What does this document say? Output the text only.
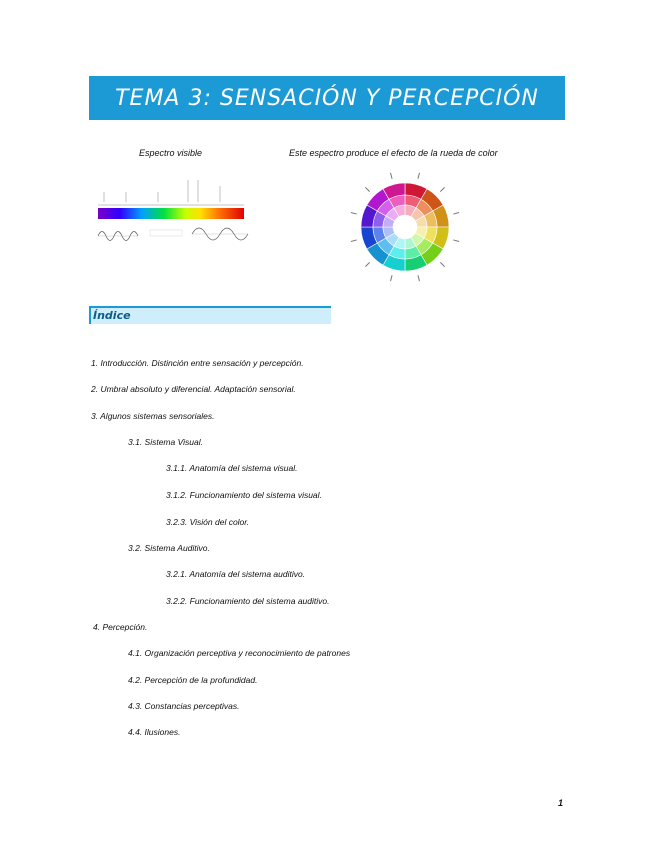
TEMA 3: SENSACIÓN Y PERCEPCIÓN
Espectro visible	Este espectro produce el efecto de la rueda de color
Índice
1. Introducción. Distinción entre sensación y percepción.
2. Umbral absoluto y diferencial. Adaptación sensorial.
3. Algunos sistemas sensoriales.
3.1. Sistema Visual.
3.1.1. Anatomía del sistema visual.
3.1.2. Funcionamiento del sistema visual.
3.2.3. Visión del color.
3.2. Sistema Auditivo.
3.2.1. Anatomía del sistema auditivo.
3.2.2. Funcionamiento del sistema auditivo.
4. Percepción.
4.1. Organización perceptiva y reconocimiento de patrones
4.2. Percepción de la profundidad.
4.3. Constancias perceptivas.
4.4. Ilusiones.
1
